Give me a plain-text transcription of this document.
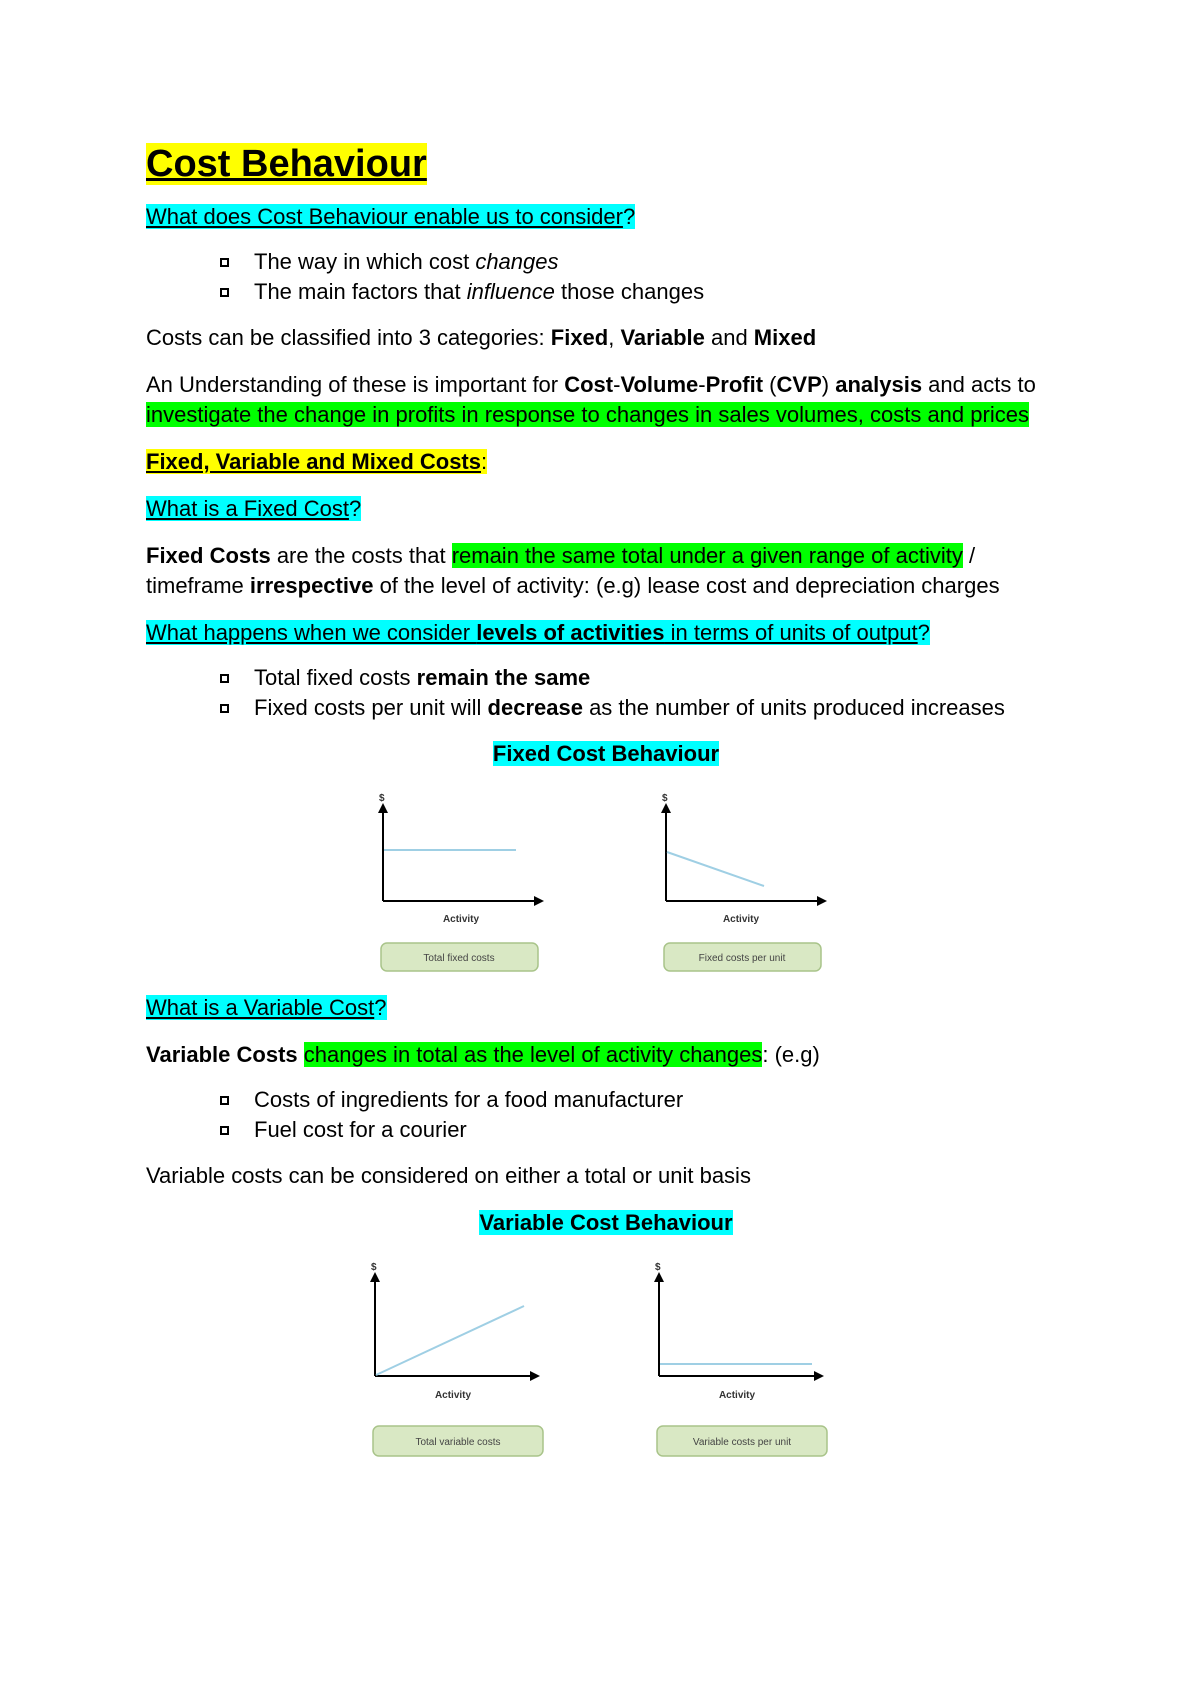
Cost Behaviour

What does Cost Behaviour enable us to consider?

The way in which cost changes
The main factors that influence those changes

Costs can be classified into 3 categories: Fixed, Variable and Mixed

An Understanding of these is important for Cost-Volume-Profit (CVP) analysis and acts to investigate the change in profits in response to changes in sales volumes, costs and prices

Fixed, Variable and Mixed Costs:

What is a Fixed Cost?

Fixed Costs are the costs that remain the same total under a given range of activity / timeframe irrespective of the level of activity: (e.g) lease cost and depreciation charges

What happens when we consider levels of activities in terms of units of output?

Total fixed costs remain the same
Fixed costs per unit will decrease as the number of units produced increases
Fixed Cost Behaviour
$
Activity
Total fixed costs
$
Activity
Fixed costs per unit

What is a Variable Cost?

Variable Costs changes in total as the level of activity changes: (e.g)

Costs of ingredients for a food manufacturer
Fuel cost for a courier

Variable costs can be considered on either a total or unit basis

Variable Cost Behaviour
$
Activity
Total variable costs
$
Activity
Variable costs per unit
